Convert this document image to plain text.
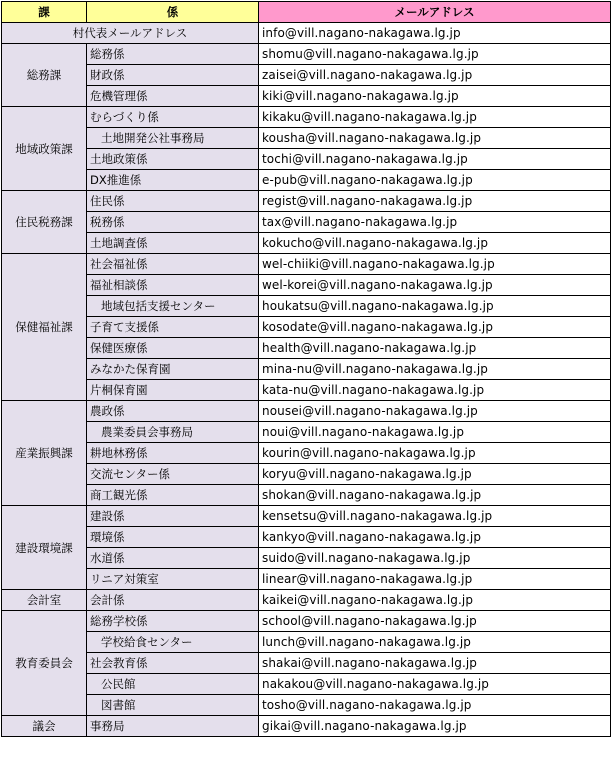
課	係	メールアドレス
村代表メールアドレス		info@vill.nagano-nakagawa.lg.jp
総務課	総務係	shomu@vill.nagano-nakagawa.lg.jp
	財政係	zaisei@vill.nagano-nakagawa.lg.jp
	危機管理係	kiki@vill.nagano-nakagawa.lg.jp
地域政策課	むらづくり係	kikaku@vill.nagano-nakagawa.lg.jp
	土地開発公社事務局	kousha@vill.nagano-nakagawa.lg.jp
	土地政策係	tochi@vill.nagano-nakagawa.lg.jp
	DX推進係	e-pub@vill.nagano-nakagawa.lg.jp
住民税務課	住民係	regist@vill.nagano-nakagawa.lg.jp
	税務係	tax@vill.nagano-nakagawa.lg.jp
	土地調査係	kokucho@vill.nagano-nakagawa.lg.jp
保健福祉課	社会福祉係	wel-chiiki@vill.nagano-nakagawa.lg.jp
	福祉相談係	wel-korei@vill.nagano-nakagawa.lg.jp
	地域包括支援センター	houkatsu@vill.nagano-nakagawa.lg.jp
	子育て支援係	kosodate@vill.nagano-nakagawa.lg.jp
	保健医療係	health@vill.nagano-nakagawa.lg.jp
	みなかた保育園	mina-nu@vill.nagano-nakagawa.lg.jp
	片桐保育園	kata-nu@vill.nagano-nakagawa.lg.jp
産業振興課	農政係	nousei@vill.nagano-nakagawa.lg.jp
	農業委員会事務局	noui@vill.nagano-nakagawa.lg.jp
	耕地林務係	kourin@vill.nagano-nakagawa.lg.jp
	交流センター係	koryu@vill.nagano-nakagawa.lg.jp
	商工観光係	shokan@vill.nagano-nakagawa.lg.jp
建設環境課	建設係	kensetsu@vill.nagano-nakagawa.lg.jp
	環境係	kankyo@vill.nagano-nakagawa.lg.jp
	水道係	suido@vill.nagano-nakagawa.lg.jp
	リニア対策室	linear@vill.nagano-nakagawa.lg.jp
会計室	会計係	kaikei@vill.nagano-nakagawa.lg.jp
教育委員会	総務学校係	school@vill.nagano-nakagawa.lg.jp
	学校給食センター	lunch@vill.nagano-nakagawa.lg.jp
	社会教育係	shakai@vill.nagano-nakagawa.lg.jp
	公民館	nakakou@vill.nagano-nakagawa.lg.jp
	図書館	tosho@vill.nagano-nakagawa.lg.jp
議会	事務局	gikai@vill.nagano-nakagawa.lg.jp
